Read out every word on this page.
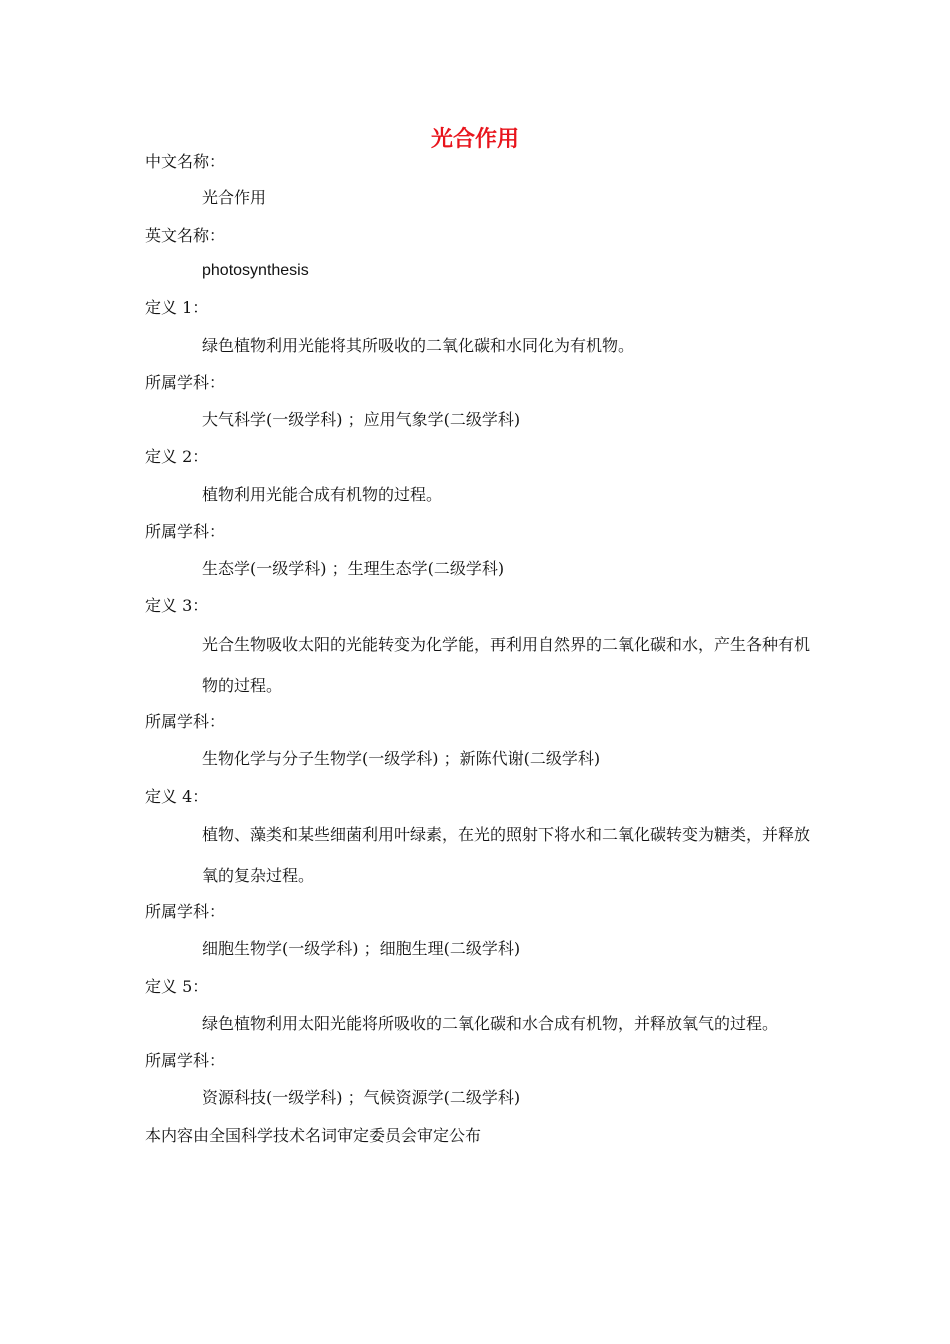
光合作用
中文名称：
光合作用
英文名称：
photosynthesis
定义 1：
绿色植物利用光能将其所吸收的二氧化碳和水同化为有机物。
所属学科：
大气科学(一级学科) ；应用气象学(二级学科)
定义 2：
植物利用光能合成有机物的过程。
所属学科：
生态学(一级学科) ；生理生态学(二级学科)
定义 3：
光合生物吸收太阳的光能转变为化学能，再利用自然界的二氧化碳和水，产生各种有机物的过程。
所属学科：
生物化学与分子生物学(一级学科) ；新陈代谢(二级学科)
定义 4：
植物、藻类和某些细菌利用叶绿素，在光的照射下将水和二氧化碳转变为糖类，并释放氧的复杂过程。
所属学科：
细胞生物学(一级学科) ；细胞生理(二级学科)
定义 5：
绿色植物利用太阳光能将所吸收的二氧化碳和水合成有机物，并释放氧气的过程。
所属学科：
资源科技(一级学科) ；气候资源学(二级学科)
本内容由全国科学技术名词审定委员会审定公布
